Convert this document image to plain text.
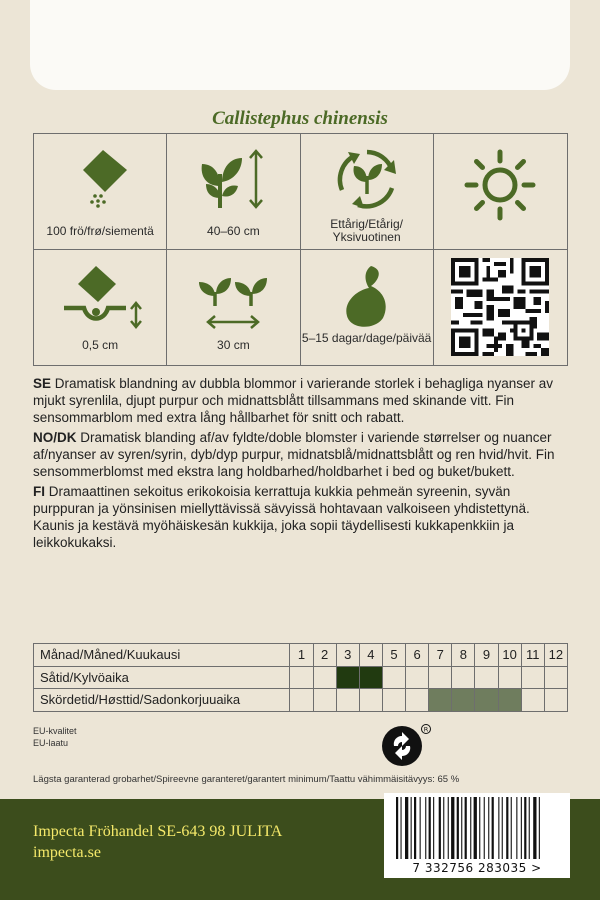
Callistephus chinensis
100 frö/frø/siementä	40–60 cm	Ettårig/Etårig/ Yksivuotinen
0,5 cm	30 cm	5–15 dagar/dage/päivää

SE Dramatisk blandning av dubbla blommor i varierande storlek i behagliga nyanser av mjukt syrenlila, djupt purpur och midnattsblått tillsammans med skinande vitt. Fin sensommarblom med extra lång hållbarhet för snitt och rabatt.

NO/DK Dramatisk blanding af/av fyldte/doble blomster i variende størrelser og nuancer af/nyanser av syren/syrin, dyb/dyp purpur, midnatsblå/midnattsblått og ren hvid/hvit. Fin sensommerblomst med ekstra lang holdbarhed/holdbarhet i bed og buket/bukett.

FI Dramaattinen sekoitus erikokoisia kerrattuja kukkia pehmeän syreenin, syvän purppuran ja yönsinisen miellyttävissä sävyissä hohtavaan valkoiseen yhdistettynä. Kaunis ja kestävä myöhäiskesän kukkija, joka sopii täydellisesti kukkapenkkiin ja leikkokukaksi.

Månad/Måned/Kuukausi	1	2	3	4	5	6	7	8	9	10	11	12
Såtid/Kylvöaika												
Skördetid/Høsttid/Sadonkorjuuaika												
EU-kvalitet
EU-laatu
R
Lägsta garanterad grobarhet/Spireevne garanteret/garantert minimum/Taattu vähimmäisitävyys: 65 %
Impecta Fröhandel SE-643 98 JULITA
impecta.se
7 332756 283035 >
